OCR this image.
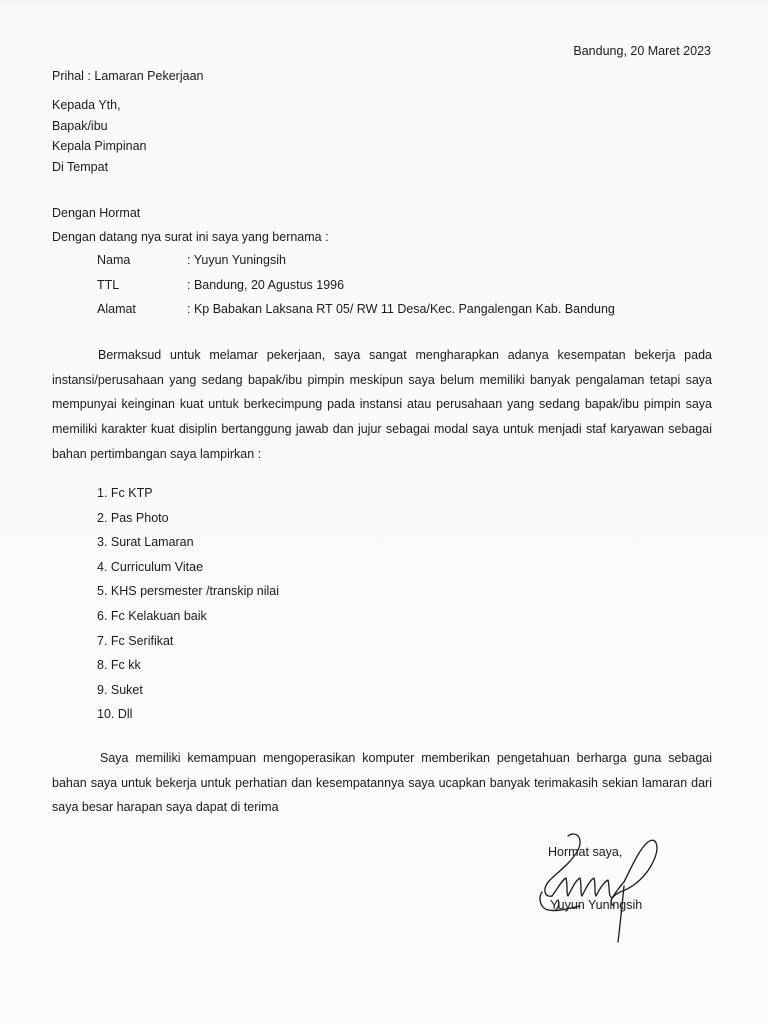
Bandung, 20 Maret 2023
Prihal : Lamaran Pekerjaan
Kepada Yth,
Bapak/ibu
Kepala Pimpinan
Di Tempat
Dengan Hormat
Dengan datang nya surat ini saya yang bernama :
Nama	: Yuyun Yuningsih
TTL	: Bandung, 20 Agustus 1996
Alamat	: Kp Babakan Laksana RT 05/ RW 11 Desa/Kec. Pangalengan Kab. Bandung
Bermaksud untuk melamar pekerjaan, saya sangat mengharapkan adanya kesempatan bekerja pada instansi/perusahaan yang sedang bapak/ibu pimpin meskipun saya belum memiliki banyak pengalaman tetapi saya mempunyai keinginan kuat untuk berkecimpung pada instansi atau perusahaan yang sedang bapak/ibu pimpin saya memiliki karakter kuat disiplin bertanggung jawab dan jujur sebagai modal saya untuk menjadi staf karyawan sebagai bahan pertimbangan saya lampirkan :
1. Fc KTP
2. Pas Photo
3. Surat Lamaran
4. Curriculum Vitae
5. KHS persmester /transkip nilai
6. Fc Kelakuan baik
7. Fc Serifikat
8. Fc kk
9. Suket
10. Dll
Saya memiliki kemampuan mengoperasikan komputer memberikan pengetahuan berharga guna sebagai bahan saya untuk bekerja untuk perhatian dan kesempatannya saya ucapkan banyak terimakasih sekian lamaran dari saya besar harapan saya dapat di terima
Hormat saya,
Yuyun Yuningsih
